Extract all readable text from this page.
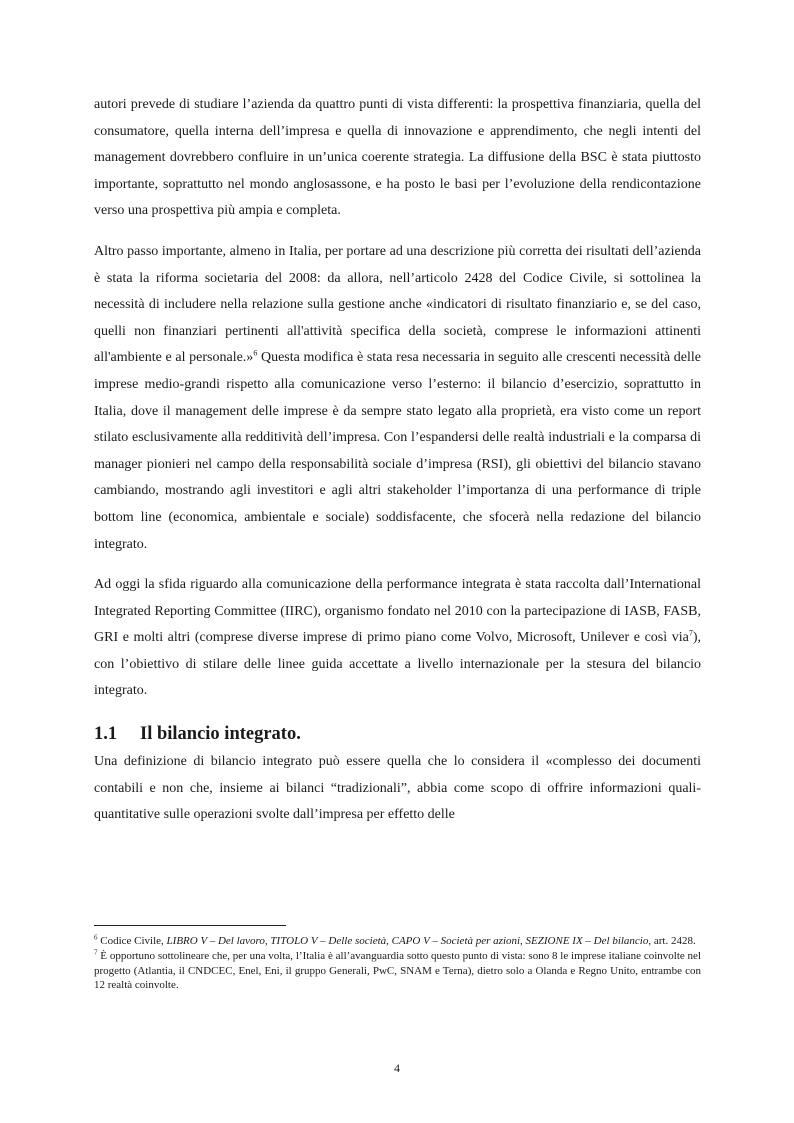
autori prevede di studiare l’azienda da quattro punti di vista differenti: la prospettiva finanziaria, quella del consumatore, quella interna dell’impresa e quella di innovazione e apprendimento, che negli intenti del management dovrebbero confluire in un’unica coerente strategia. La diffusione della BSC è stata piuttosto importante, soprattutto nel mondo anglosassone, e ha posto le basi per l’evoluzione della rendicontazione verso una prospettiva più ampia e completa.

Altro passo importante, almeno in Italia, per portare ad una descrizione più corretta dei risultati dell’azienda è stata la riforma societaria del 2008: da allora, nell’articolo 2428 del Codice Civile, si sottolinea la necessità di includere nella relazione sulla gestione anche «indicatori di risultato finanziario e, se del caso, quelli non finanziari pertinenti all'attività specifica della società, comprese le informazioni attinenti all'ambiente e al personale.»$^6$ Questa modifica è stata resa necessaria in seguito alle crescenti necessità delle imprese medio-grandi rispetto alla comunicazione verso l’esterno: il bilancio d’esercizio, soprattutto in Italia, dove il management delle imprese è da sempre stato legato alla proprietà, era visto come un report stilato esclusivamente alla redditività dell’impresa. Con l’espandersi delle realtà industriali e la comparsa di manager pionieri nel campo della responsabilità sociale d’impresa (RSI), gli obiettivi del bilancio stavano cambiando, mostrando agli investitori e agli altri stakeholder l’importanza di una performance di triple bottom line (economica, ambientale e sociale) soddisfacente, che sfocerà nella redazione del bilancio integrato.

Ad oggi la sfida riguardo alla comunicazione della performance integrata è stata raccolta dall’International Integrated Reporting Committee (IIRC), organismo fondato nel 2010 con la partecipazione di IASB, FASB, GRI e molti altri (comprese diverse imprese di primo piano come Volvo, Microsoft, Unilever e così via$^7$), con l’obiettivo di stilare delle linee guida accettate a livello internazionale per la stesura del bilancio integrato.

1.1 Il bilancio integrato.

Una definizione di bilancio integrato può essere quella che lo considera il «complesso dei documenti contabili e non che, insieme ai bilanci “tradizionali”, abbia come scopo di offrire informazioni quali-quantitative sulle operazioni svolte dall’impresa per effetto delle

$^6$ Codice Civile, LIBRO V – Del lavoro, TITOLO V – Delle società, CAPO V – Società per azioni, SEZIONE IX – Del bilancio, art. 2428.

$^7$ È opportuno sottolineare che, per una volta, l’Italia è all’avanguardia sotto questo punto di vista: sono 8 le imprese italiane coinvolte nel progetto (Atlantia, il CNDCEC, Enel, Eni, il gruppo Generali, PwC, SNAM e Terna), dietro solo a Olanda e Regno Unito, entrambe con 12 realtà coinvolte.

4
